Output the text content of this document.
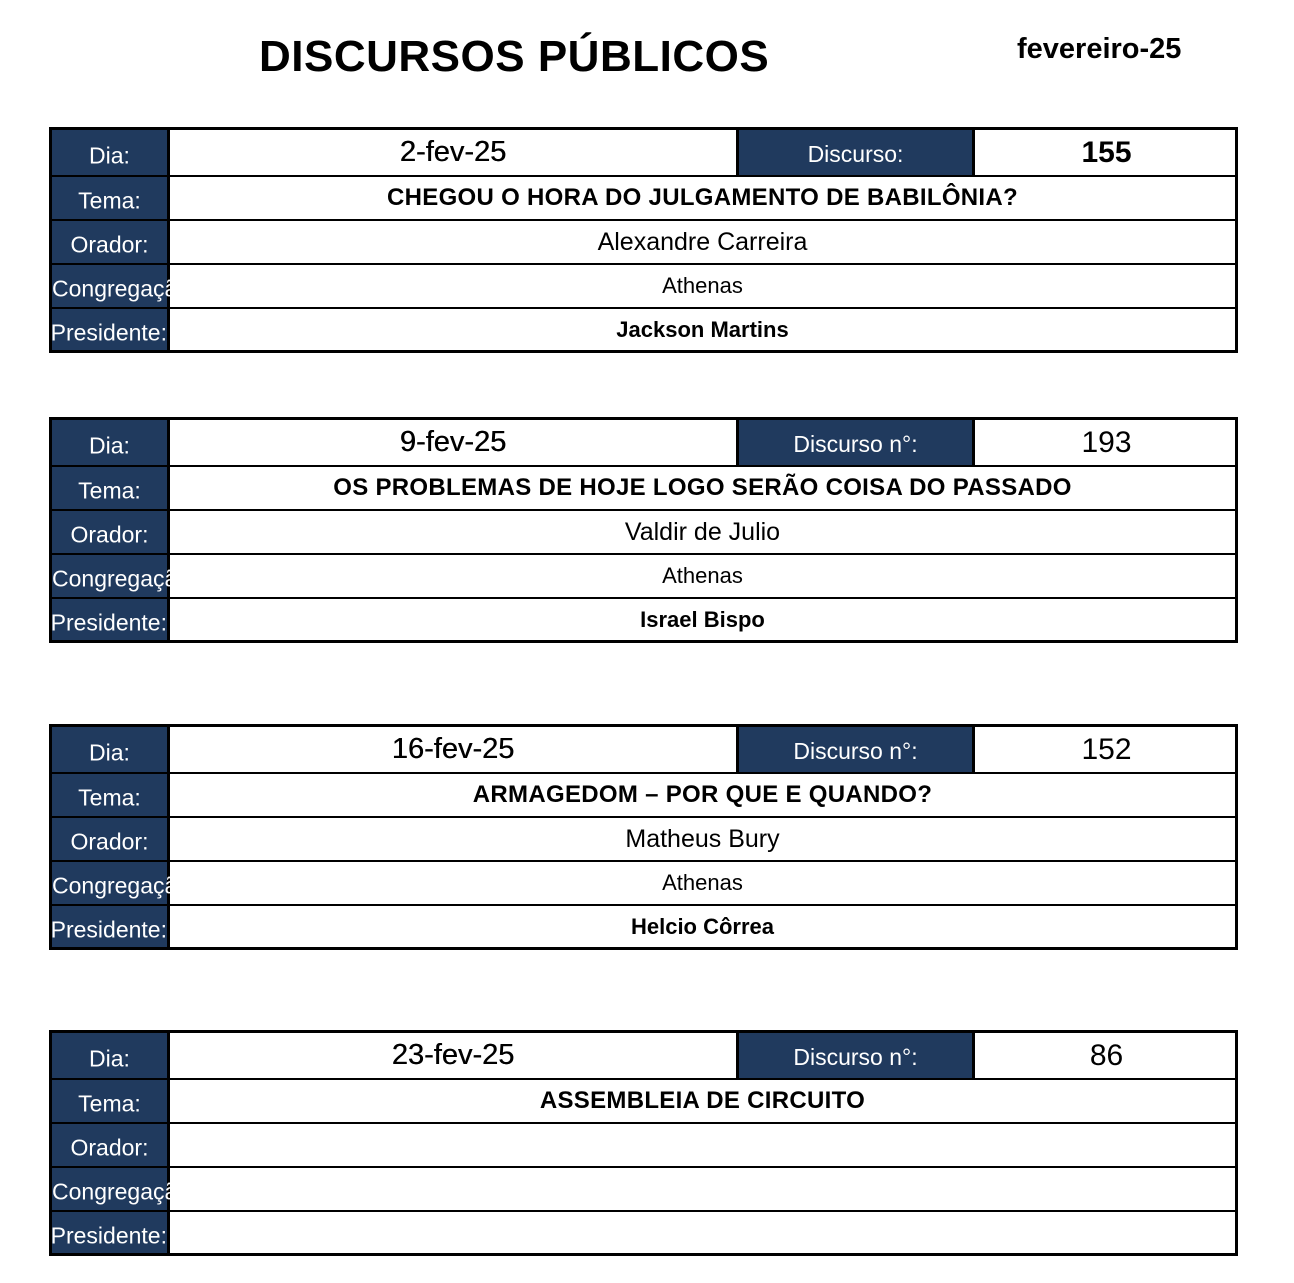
DISCURSOS PÚBLICOS	fevereiro-25
Dia:	2-fev-25	Discurso:	155
Tema:	CHEGOU O HORA DO JULGAMENTO DE BABILÔNIA?
Orador:	Alexandre Carreira
Congregação:	Athenas
Presidente:	Jackson Martins
Dia:	9-fev-25	Discurso n°:	193
Tema:	OS PROBLEMAS DE HOJE LOGO SERÃO COISA DO PASSADO
Orador:	Valdir de Julio
Congregação:	Athenas
Presidente:	Israel Bispo
Dia:	16-fev-25	Discurso n°:	152
Tema:	ARMAGEDOM – POR QUE E QUANDO?
Orador:	Matheus Bury
Congregação:	Athenas
Presidente:	Helcio Côrrea
Dia:	23-fev-25	Discurso n°:	86
Tema:	ASSEMBLEIA DE CIRCUITO
Orador:
Congregação:
Presidente:
